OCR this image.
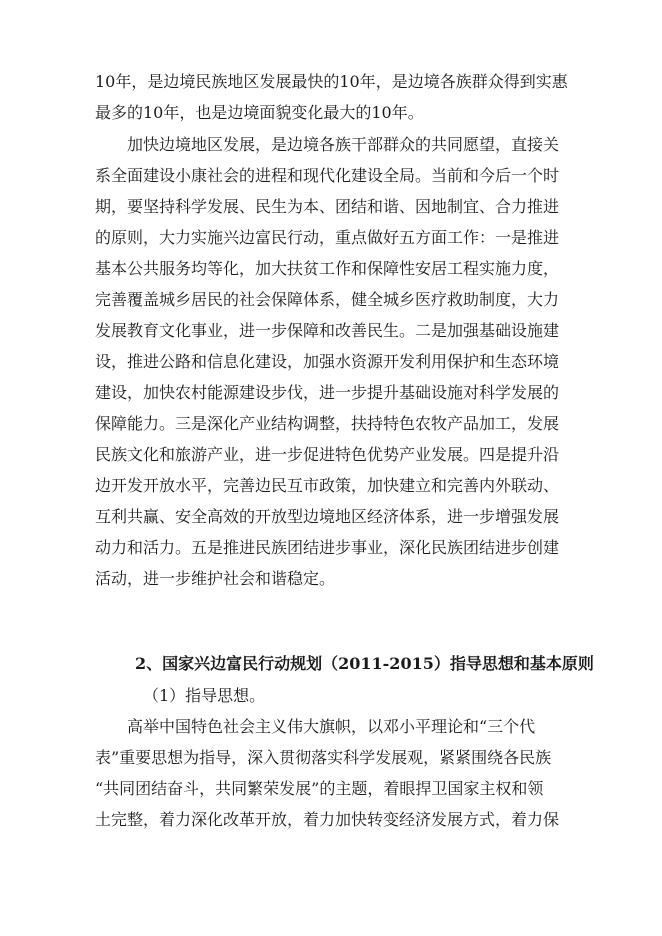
10年，是边境民族地区发展最快的10年，是边境各族群众得到实惠
最多的10年，也是边境面貌变化最大的10年。
加快边境地区发展，是边境各族干部群众的共同愿望，直接关
系全面建设小康社会的进程和现代化建设全局。当前和今后一个时
期，要坚持科学发展、民生为本、团结和谐、因地制宜、合力推进
的原则，大力实施兴边富民行动，重点做好五方面工作：一是推进
基本公共服务均等化，加大扶贫工作和保障性安居工程实施力度，
完善覆盖城乡居民的社会保障体系，健全城乡医疗救助制度，大力
发展教育文化事业，进一步保障和改善民生。二是加强基础设施建
设，推进公路和信息化建设，加强水资源开发利用保护和生态环境
建设，加快农村能源建设步伐，进一步提升基础设施对科学发展的
保障能力。三是深化产业结构调整，扶持特色农牧产品加工，发展
民族文化和旅游产业，进一步促进特色优势产业发展。四是提升沿
边开发开放水平，完善边民互市政策，加快建立和完善内外联动、
互利共赢、安全高效的开放型边境地区经济体系，进一步增强发展
动力和活力。五是推进民族团结进步事业，深化民族团结进步创建
活动，进一步维护社会和谐稳定。
2、国家兴边富民行动规划（2011-2015）指导思想和基本原则
（1）指导思想。
高举中国特色社会主义伟大旗帜，以邓小平理论和“三个代
表”重要思想为指导，深入贯彻落实科学发展观，紧紧围绕各民族
“共同团结奋斗，共同繁荣发展”的主题，着眼捍卫国家主权和领
土完整，着力深化改革开放，着力加快转变经济发展方式，着力保
